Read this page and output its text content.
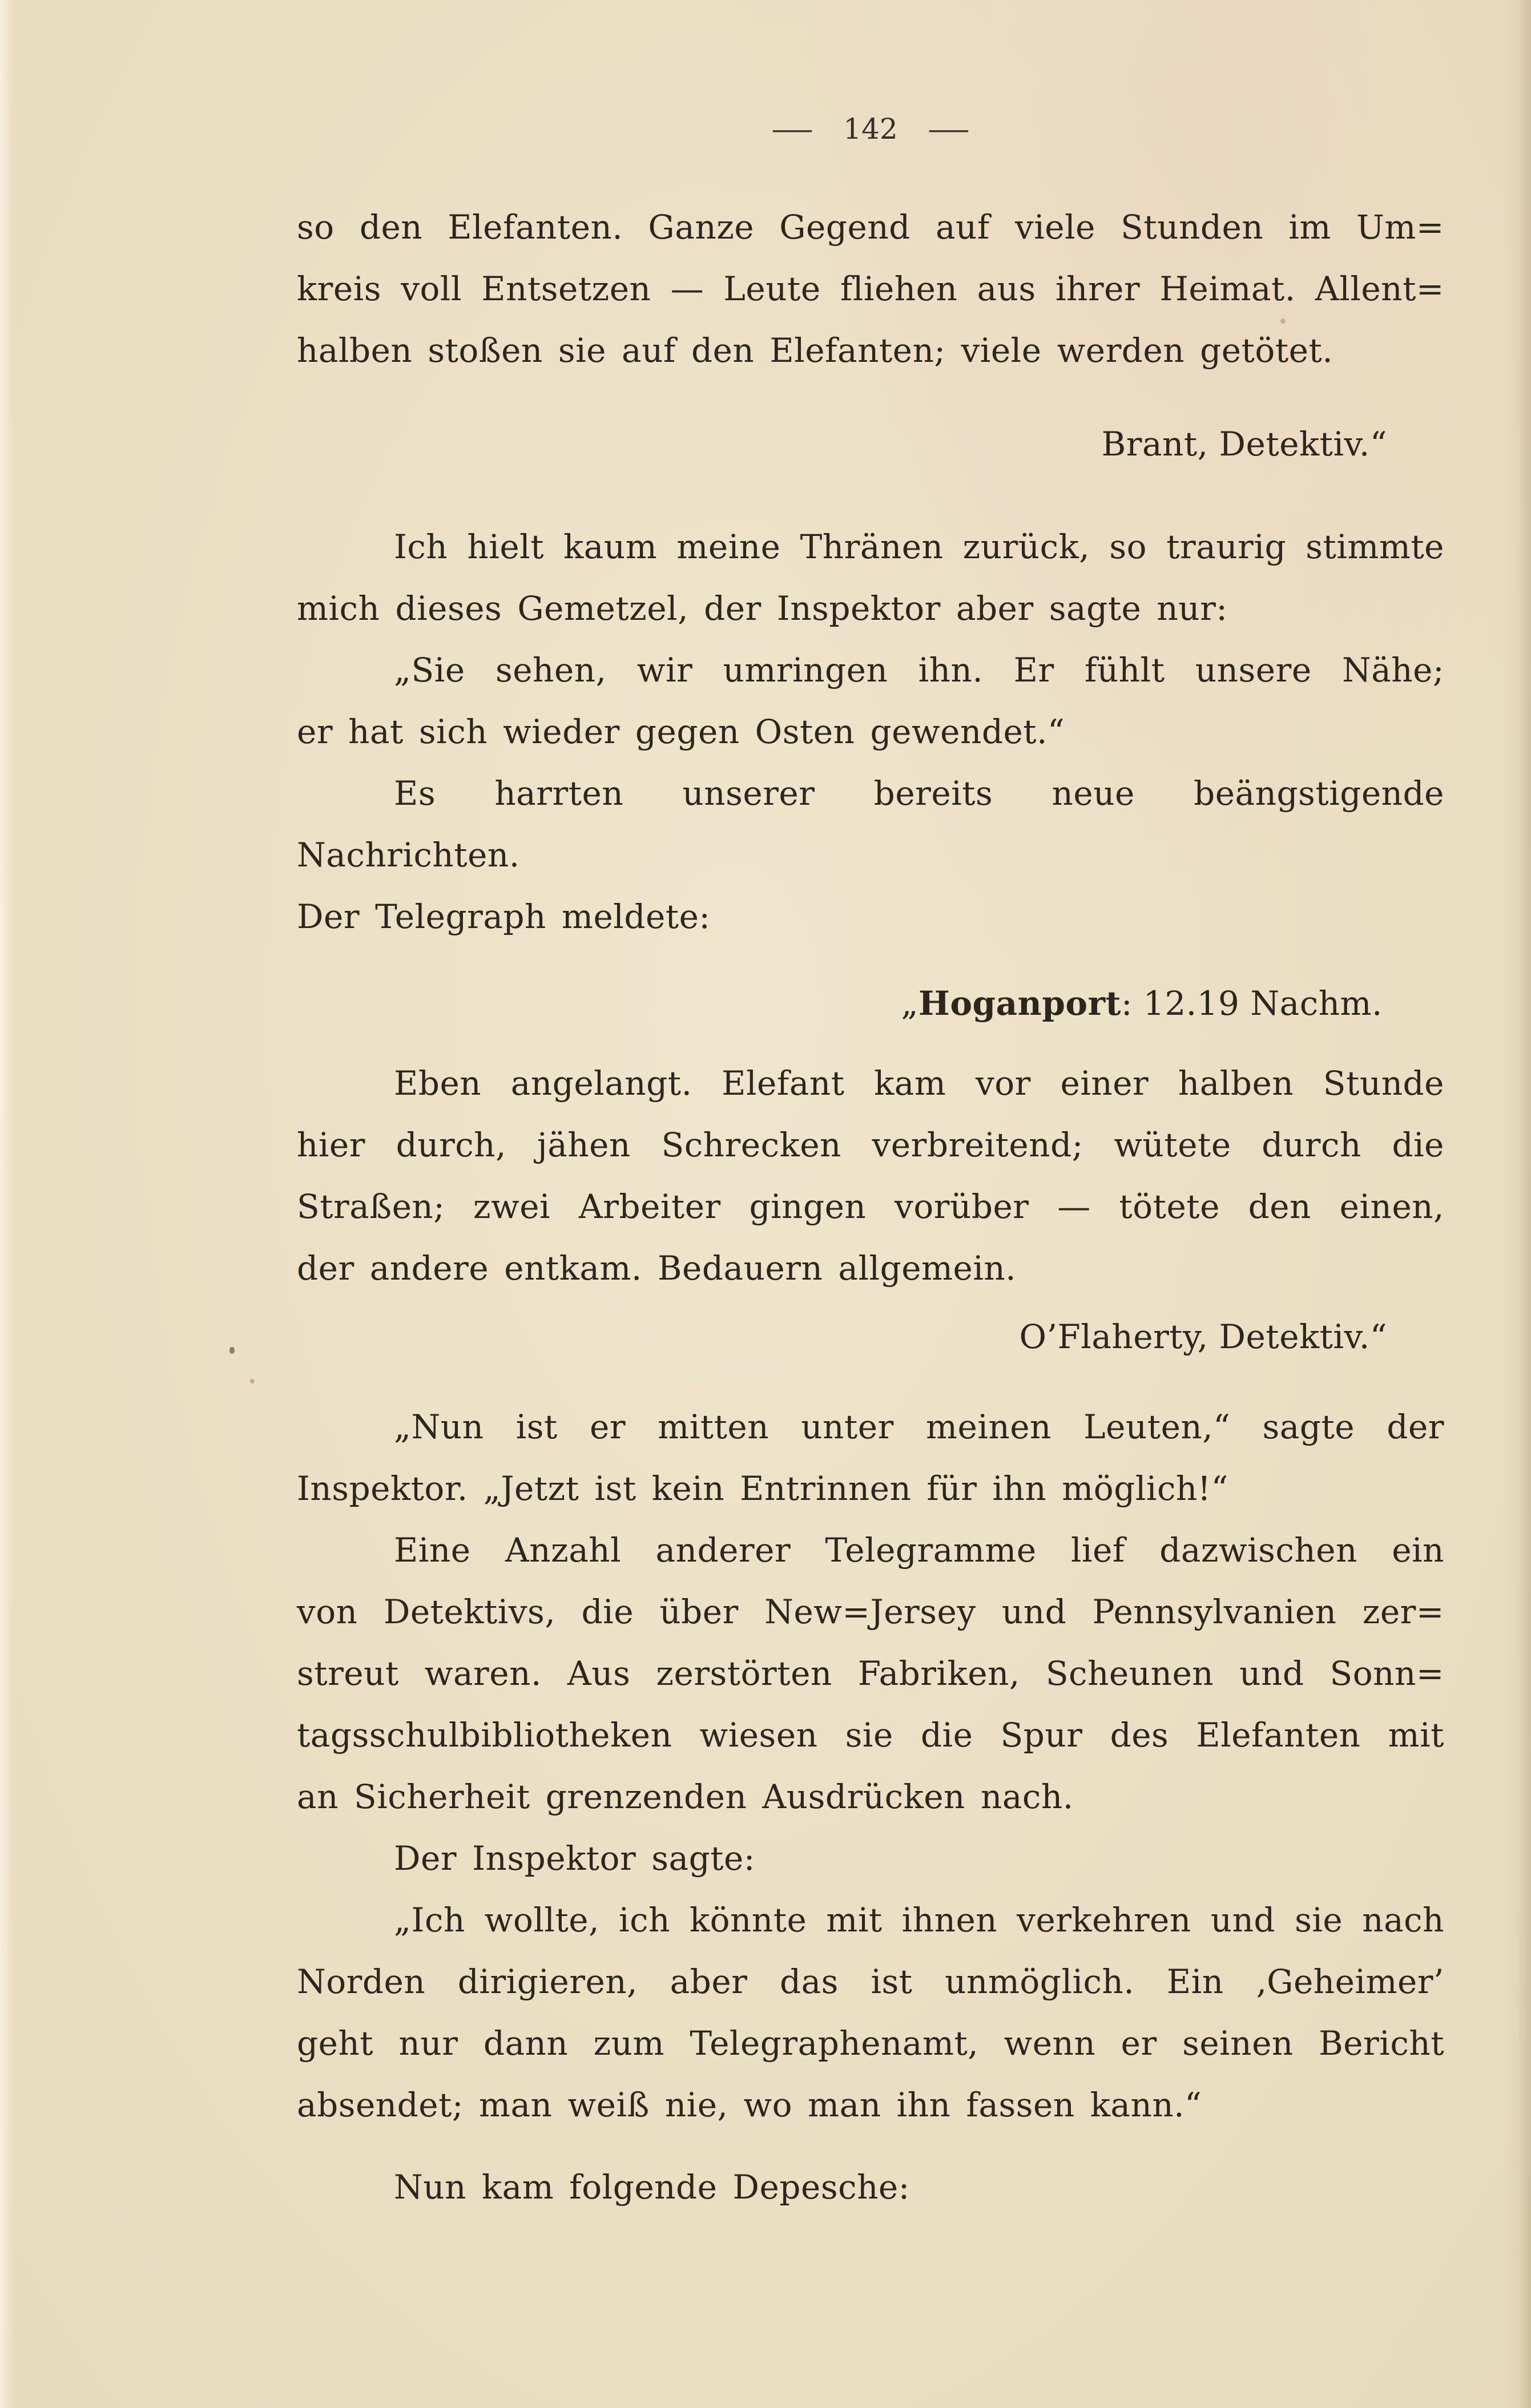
— 142 —
so den Elefanten. Ganze Gegend auf viele Stunden im Um=
kreis voll Entsetzen — Leute fliehen aus ihrer Heimat. Allent=
halben stoßen sie auf den Elefanten; viele werden getötet.
Brant, Detektiv.“
Ich hielt kaum meine Thränen zurück, so traurig stimmte
mich dieses Gemetzel, der Inspektor aber sagte nur:
„Sie sehen, wir umringen ihn. Er fühlt unsere Nähe;
er hat sich wieder gegen Osten gewendet.“
Es harrten unserer bereits neue beängstigende Nachrichten.
Der Telegraph meldete:
„Hoganport: 12.19 Nachm.
Eben angelangt. Elefant kam vor einer halben Stunde
hier durch, jähen Schrecken verbreitend; wütete durch die
Straßen; zwei Arbeiter gingen vorüber — tötete den einen,
der andere entkam. Bedauern allgemein.
O’Flaherty, Detektiv.“
„Nun ist er mitten unter meinen Leuten,“ sagte der
Inspektor. „Jetzt ist kein Entrinnen für ihn möglich!“
Eine Anzahl anderer Telegramme lief dazwischen ein
von Detektivs, die über New=Jersey und Pennsylvanien zer=
streut waren. Aus zerstörten Fabriken, Scheunen und Sonn=
tagsschulbibliotheken wiesen sie die Spur des Elefanten mit
an Sicherheit grenzenden Ausdrücken nach.
Der Inspektor sagte:
„Ich wollte, ich könnte mit ihnen verkehren und sie nach
Norden dirigieren, aber das ist unmöglich. Ein ‚Geheimer’
geht nur dann zum Telegraphenamt, wenn er seinen Bericht
absendet; man weiß nie, wo man ihn fassen kann.“
Nun kam folgende Depesche:
